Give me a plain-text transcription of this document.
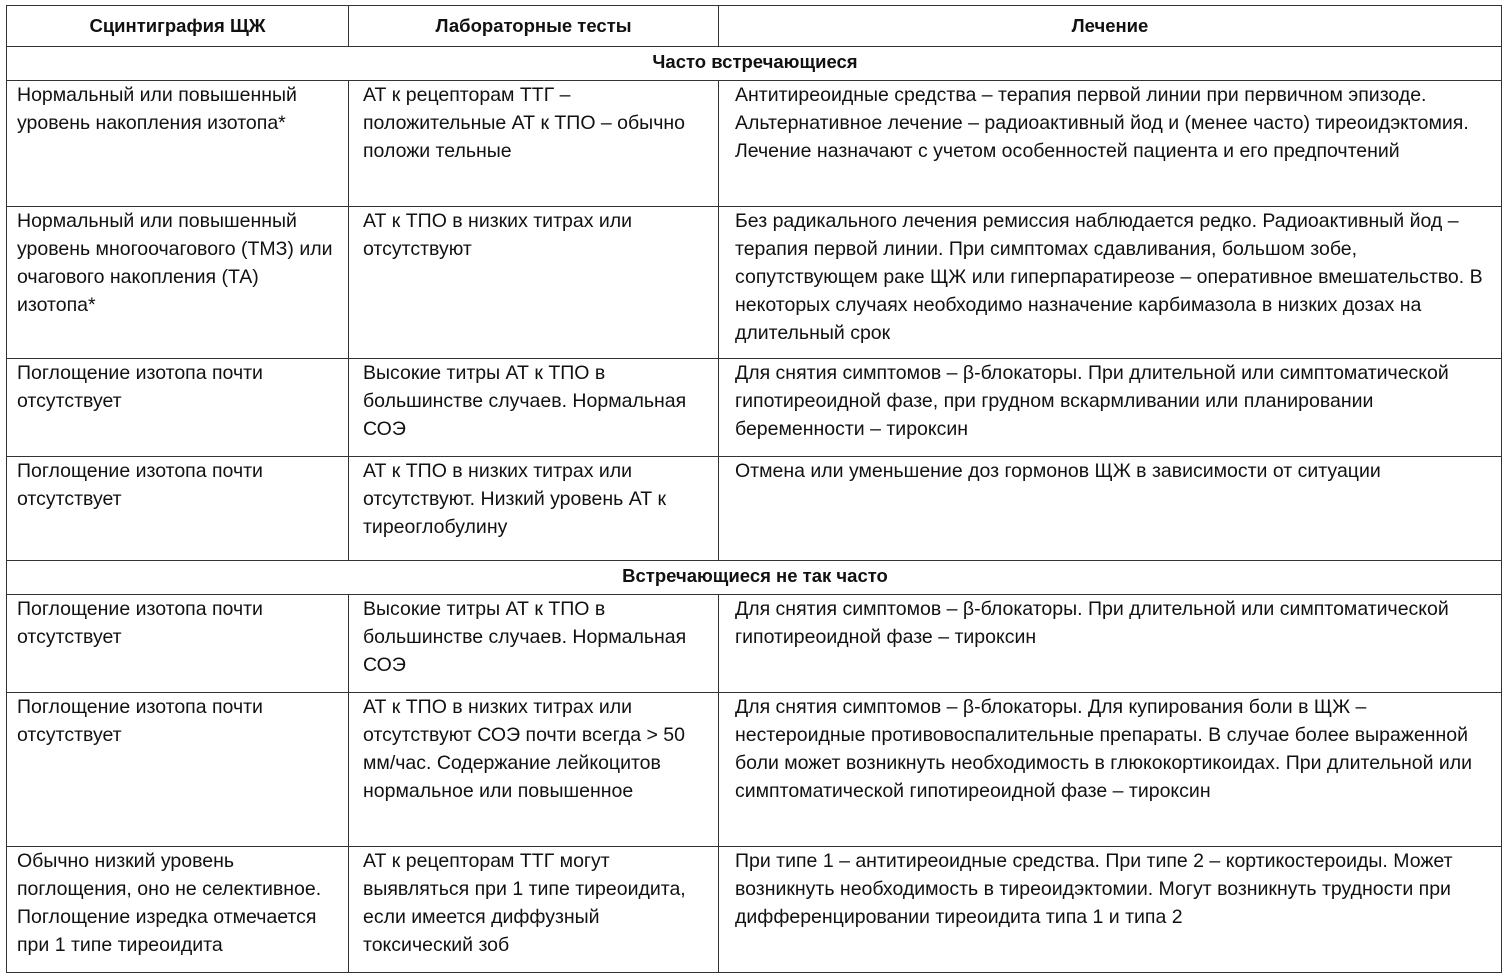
Сцинтиграфия ЩЖ	Лабораторные тесты	Лечение
Часто встречающиеся		
Нормальный или повышенный уровень накопления изотопа*	АТ к рецепторам ТТГ – положительные АТ к ТПО – обычно положи тельные	Антитиреоидные средства – терапия первой линии при первичном эпизоде. Альтернативное лечение – радиоактивный йод и (менее часто) тиреоидэктомия. Лечение назначают с учетом особенностей пациента и его предпочтений
Нормальный или повышенный уровень многоочагового (ТМЗ) или очагового накопления (ТА) изотопа*	АТ к ТПО в низких титрах или отсутствуют	Без радикального лечения ремиссия наблюдается редко. Радиоактивный йод – терапия первой линии. При симптомах сдавливания, большом зобе, сопутствующем раке ЩЖ или гиперпаратиреозе – оперативное вмешательство. В некоторых случаях необходимо назначение карбимазола в низких дозах на длительный срок
Поглощение изотопа почти отсутствует	Высокие титры АТ к ТПО в большинстве случаев. Нормальная СОЭ	Для снятия симптомов – β-блокаторы. При длительной или симптоматической гипотиреоидной фазе, при грудном вскармливании или планировании беременности – тироксин
Поглощение изотопа почти отсутствует	АТ к ТПО в низких титрах или отсутствуют. Низкий уровень АТ к тиреоглобулину	Отмена или уменьшение доз гормонов ЩЖ в зависимости от ситуации
Встречающиеся не так часто		
Поглощение изотопа почти отсутствует	Высокие титры АТ к ТПО в большинстве случаев. Нормальная СОЭ	Для снятия симптомов – β-блокаторы. При длительной или симптоматической гипотиреоидной фазе – тироксин
Поглощение изотопа почти отсутствует	АТ к ТПО в низких титрах или отсутствуют СОЭ почти всегда > 50 мм/час. Содержание лейкоцитов нормальное или повышенное	Для снятия симптомов – β-блокаторы. Для купирования боли в ЩЖ – нестероидные противовоспалительные препараты. В случае более выраженной боли может возникнуть необходимость в глюкокортикоидах. При длительной или симптоматической гипотиреоидной фазе – тироксин
Обычно низкий уровень поглощения, оно не селективное. Поглощение изредка отмечается при 1 типе тиреоидита	АТ к рецепторам ТТГ могут выявляться при 1 типе тиреоидита, если имеется диффузный токсический зоб	При типе 1 – антитиреоидные средства. При типе 2 – кортикостероиды. Может возникнуть необходимость в тиреоидэктомии. Могут возникнуть трудности при дифференцировании тиреоидита типа 1 и типа 2
